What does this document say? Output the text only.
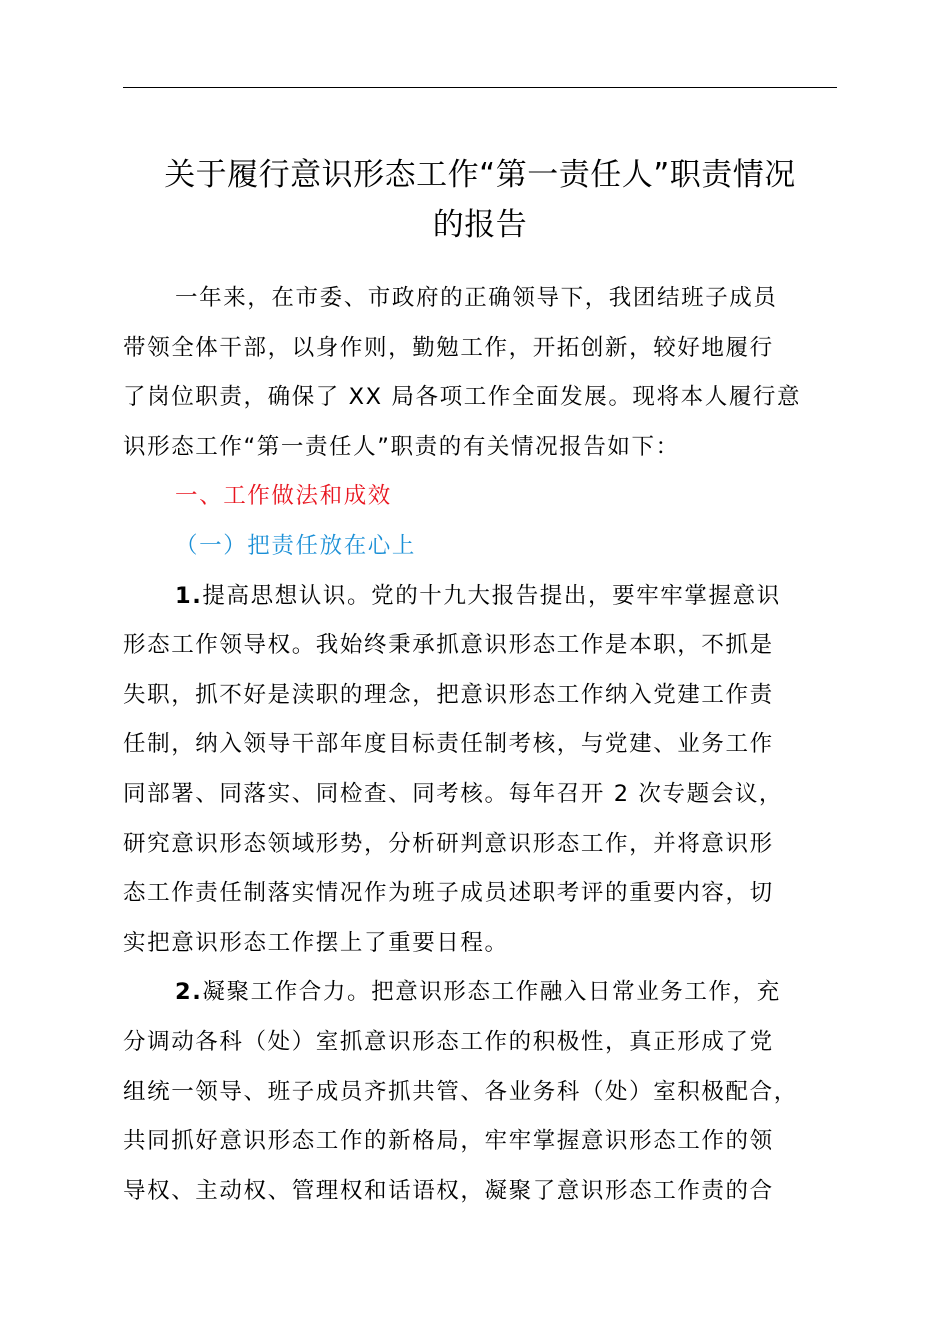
关于履行意识形态工作“第一责任人”职责情况
的报告

一年来，在市委、市政府的正确领导下，我团结班子成员
带领全体干部，以身作则，勤勉工作，开拓创新，较好地履行
了岗位职责，确保了 XX 局各项工作全面发展。现将本人履行意
识形态工作“第一责任人”职责的有关情况报告如下：

一、工作做法和成效

（一）把责任放在心上

1.提高思想认识。党的十九大报告提出，要牢牢掌握意识
形态工作领导权。我始终秉承抓意识形态工作是本职，不抓是
失职，抓不好是渎职的理念，把意识形态工作纳入党建工作责
任制，纳入领导干部年度目标责任制考核，与党建、业务工作
同部署、同落实、同检查、同考核。每年召开 2 次专题会议，
研究意识形态领域形势，分析研判意识形态工作，并将意识形
态工作责任制落实情况作为班子成员述职考评的重要内容，切
实把意识形态工作摆上了重要日程。

2.凝聚工作合力。把意识形态工作融入日常业务工作，充
分调动各科（处）室抓意识形态工作的积极性，真正形成了党
组统一领导、班子成员齐抓共管、各业务科（处）室积极配合，
共同抓好意识形态工作的新格局，牢牢掌握意识形态工作的领
导权、主动权、管理权和话语权，凝聚了意识形态工作责的合
